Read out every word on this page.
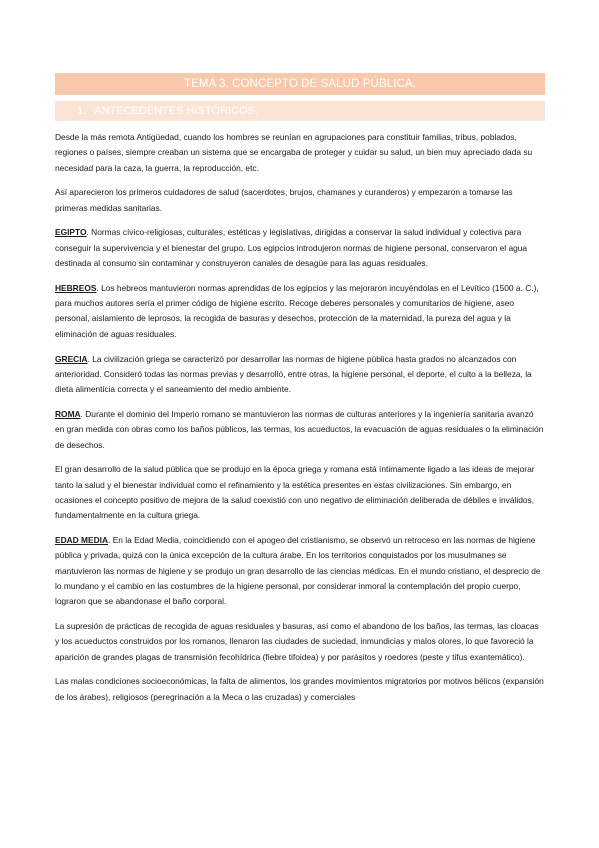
TEMA 3. CONCEPTO DE SALUD PÚBLICA.
1. ANTECEDENTES HISTÓRICOS.

Desde la más remota Antigüedad, cuando los hombres se reunían en agrupaciones para constituir familias, tribus, poblados, regiones o países, siempre creaban un sistema que se encargaba de proteger y cuidar su salud, un bien muy apreciado dada su necesidad para la caza, la guerra, la reproducción, etc.

Así aparecieron los primeros cuidadores de salud (sacerdotes, brujos, chamanes y curanderos) y empezaron a tomarse las primeras medidas sanitarias.

EGIPTO. Normas cívico-religiosas, culturales, estéticas y legislativas, dirigidas a conservar la salud individual y colectiva para conseguir la supervivencia y el bienestar del grupo. Los egipcios introdujeron normas de higiene personal, conservaron el agua destinada al consumo sin contaminar y construyeron canales de desagüe para las aguas residuales.

HEBREOS. Los hebreos mantuvieron normas aprendidas de los egipcios y las mejoraron incuyéndolas en el Levítico (1500 a. C.), para muchos autores sería el primer código de higiene escrito. Recoge deberes personales y comunitarios de higiene, aseo personal, aislamiento de leprosos, la recogida de basuras y desechos, protección de la maternidad, la pureza del agua y la eliminación de aguas residuales.

GRECIA. La civilización griega se caracterizó por desarrollar las normas de higiene pública hasta grados no alcanzados con anterioridad. Consideró todas las normas previas y desarrolló, entre otras, la higiene personal, el deporte, el culto a la belleza, la dieta alimenticia correcta y el saneamiento del medio ambiente.

ROMA. Durante el dominio del Imperio romano se mantuvieron las normas de culturas anteriores y la ingeniería sanitaria avanzó en gran medida con obras como los baños públicos, las termas, los acueductos, la evacuación de aguas residuales o la eliminación de desechos.

El gran desarrollo de la salud pública que se produjo en la época griega y romana está íntimamente ligado a las ideas de mejorar tanto la salud y el bienestar individual como el refinamiento y la estética presentes en estas civilizaciones. Sin embargo, en ocasiones el concepto positivo de mejora de la salud coexistió con uno negativo de eliminación deliberada de débiles e inválidos, fundamentalmente en la cultura griega.

EDAD MEDIA. En la Edad Media, coincidiendo con el apogeo del cristianismo, se observó un retroceso en las normas de higiene pública y privada, quizá con la única excepción de la cultura árabe. En los territorios conquistados por los musulmanes se mantuvieron las normas de higiene y se produjo un gran desarrollo de las ciencias médicas. En el mundo cristiano, el desprecio de lo mundano y el cambio en las costumbres de la higiene personal, por considerar inmoral la contemplación del propio cuerpo, lograron que se abandonase el baño corporal.

La supresión de prácticas de recogida de aguas residuales y basuras, así como el abandono de los baños, las termas, las cloacas y los acueductos construidos por los romanos, llenaron las ciudades de suciedad, inmundicias y malos olores, lo que favoreció la aparición de grandes plagas de transmisión fecohídrica (fiebre tifoidea) y por parásitos y roedores (peste y tifus exantemático).

Las malas condiciones socioeconómicas, la falta de alimentos, los grandes movimientos migratorios por motivos bélicos (expansión de los árabes), religiosos (peregrinación a la Meca o las cruzadas) y comerciales
